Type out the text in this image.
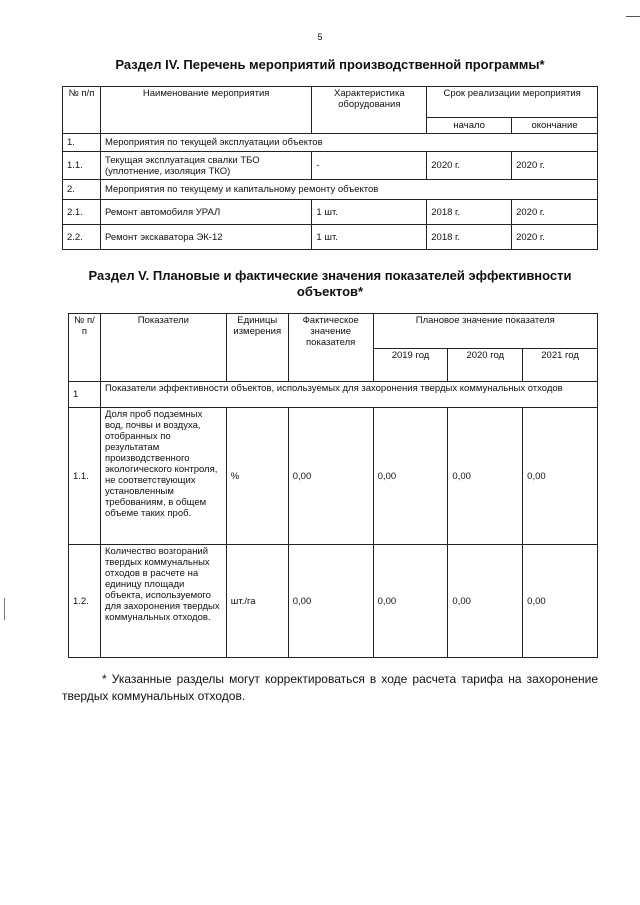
5
Раздел IV. Перечень мероприятий производственной программы*
№ п/п	Наименование мероприятия	Характеристика оборудования	Срок реализации мероприятия	
			начало	окончание
1.	Мероприятия по текущей эксплуатации объектов			
1.1.	Текущая эксплуатация свалки ТБО (уплотнение, изоляция ТКО)	-	2020 г.	2020 г.
2.	Мероприятия по текущему и капитальному ремонту объектов			
2.1.	Ремонт автомобиля УРАЛ	1 шт.	2018 г.	2020 г.
2.2.	Ремонт экскаватора ЭК-12	1 шт.	2018 г.	2020 г.
Раздел V. Плановые и фактические значения показателей эффективности объектов*
№ п/п	Показатели	Единицы измерения	Фактическое значение показателя	Плановое значение показателя		
				2019 год	2020 год	2021 год
1	Показатели эффективности объектов, используемых для захоронения твердых коммунальных отходов					
1.1.	Доля проб подземных вод, почвы и воздуха, отобранных по результатам производственного экологического контроля, не соответствующих установленным требованиям, в общем объеме таких проб.	%	0,00	0,00	0,00	0,00
1.2.	Количество возгораний твердых коммунальных отходов в расчете на единицу площади объекта, используемого для захоронения твердых коммунальных отходов.	шт./га	0,00	0,00	0,00	0,00
* Указанные разделы могут корректироваться в ходе расчета тарифа на захоронение твердых коммунальных отходов.
